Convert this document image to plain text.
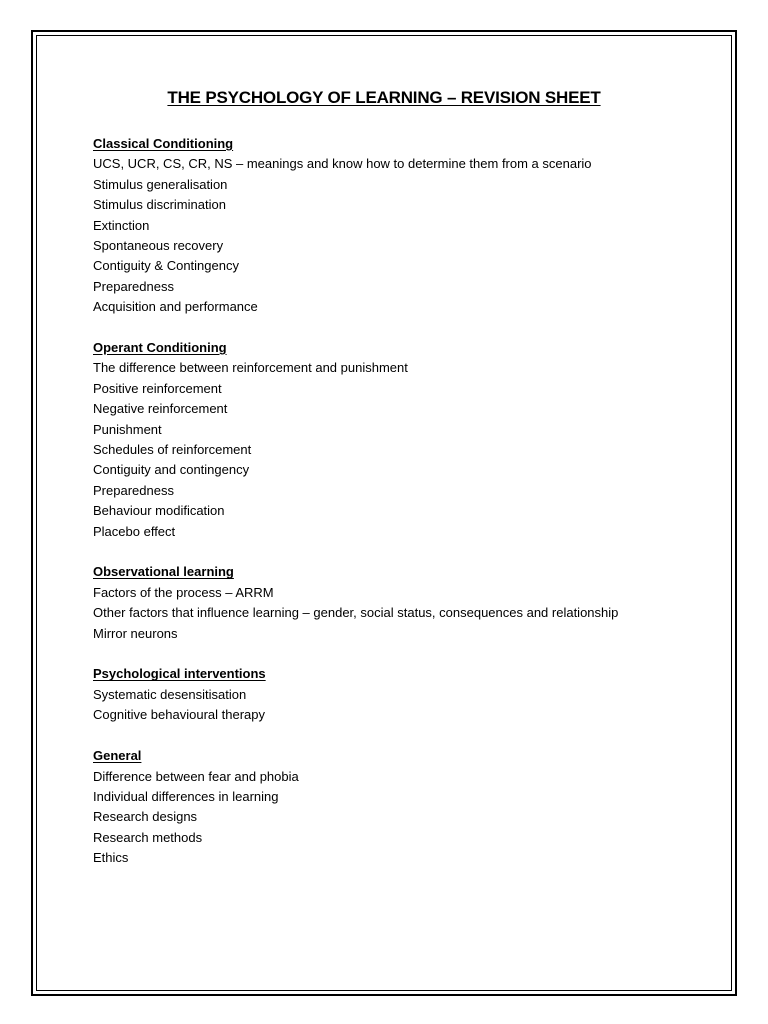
THE PSYCHOLOGY OF LEARNING – REVISION SHEET

Classical Conditioning

UCS, UCR, CS, CR, NS – meanings and know how to determine them from a scenario

Stimulus generalisation

Stimulus discrimination

Extinction

Spontaneous recovery

Contiguity & Contingency

Preparedness

Acquisition and performance

Operant Conditioning

The difference between reinforcement and punishment

Positive reinforcement

Negative reinforcement

Punishment

Schedules of reinforcement

Contiguity and contingency

Preparedness

Behaviour modification

Placebo effect

Observational learning

Factors of the process – ARRM

Other factors that influence learning – gender, social status, consequences and relationship

Mirror neurons

Psychological interventions

Systematic desensitisation

Cognitive behavioural therapy

General

Difference between fear and phobia

Individual differences in learning

Research designs

Research methods

Ethics
